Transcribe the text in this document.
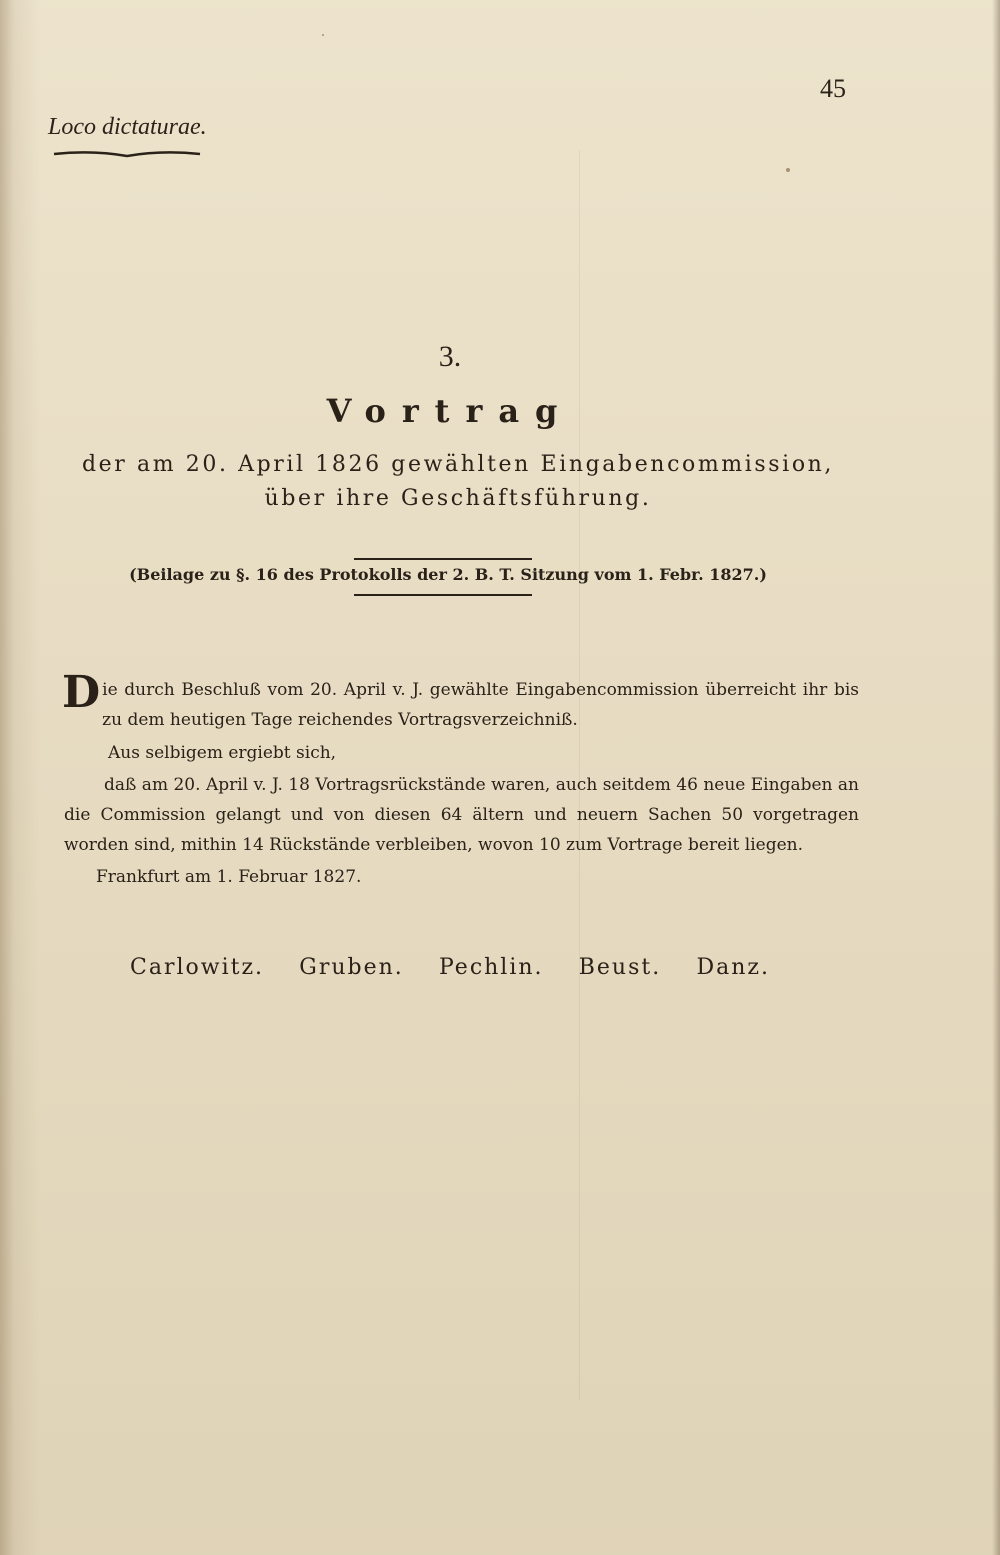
45

Loco dictaturae.

3.

Vortrag

der am 20. April 1826 gewählten Eingabencommission, über ihre Geschäftsführung.

(Beilage zu §. 16 des Protokolls der 2. B. T. Sitzung vom 1. Febr. 1827.)

Die durch Beschluß vom 20. April v. J. gewählte Eingabencommission überreicht ihr bis zu dem heutigen Tage reichendes Vortragsverzeichniß.

Aus selbigem ergiebt sich,

daß am 20. April v. J. 18 Vortragsrückstände waren, auch seitdem 46 neue Eingaben an die Commission gelangt und von diesen 64 ältern und neuern Sachen 50 vorgetragen worden sind, mithin 14 Rückstände verbleiben, wovon 10 zum Vortrage bereit liegen.

Frankfurt am 1. Februar 1827.

Carlowitz. Gruben. Pechlin. Beust. Danz.
